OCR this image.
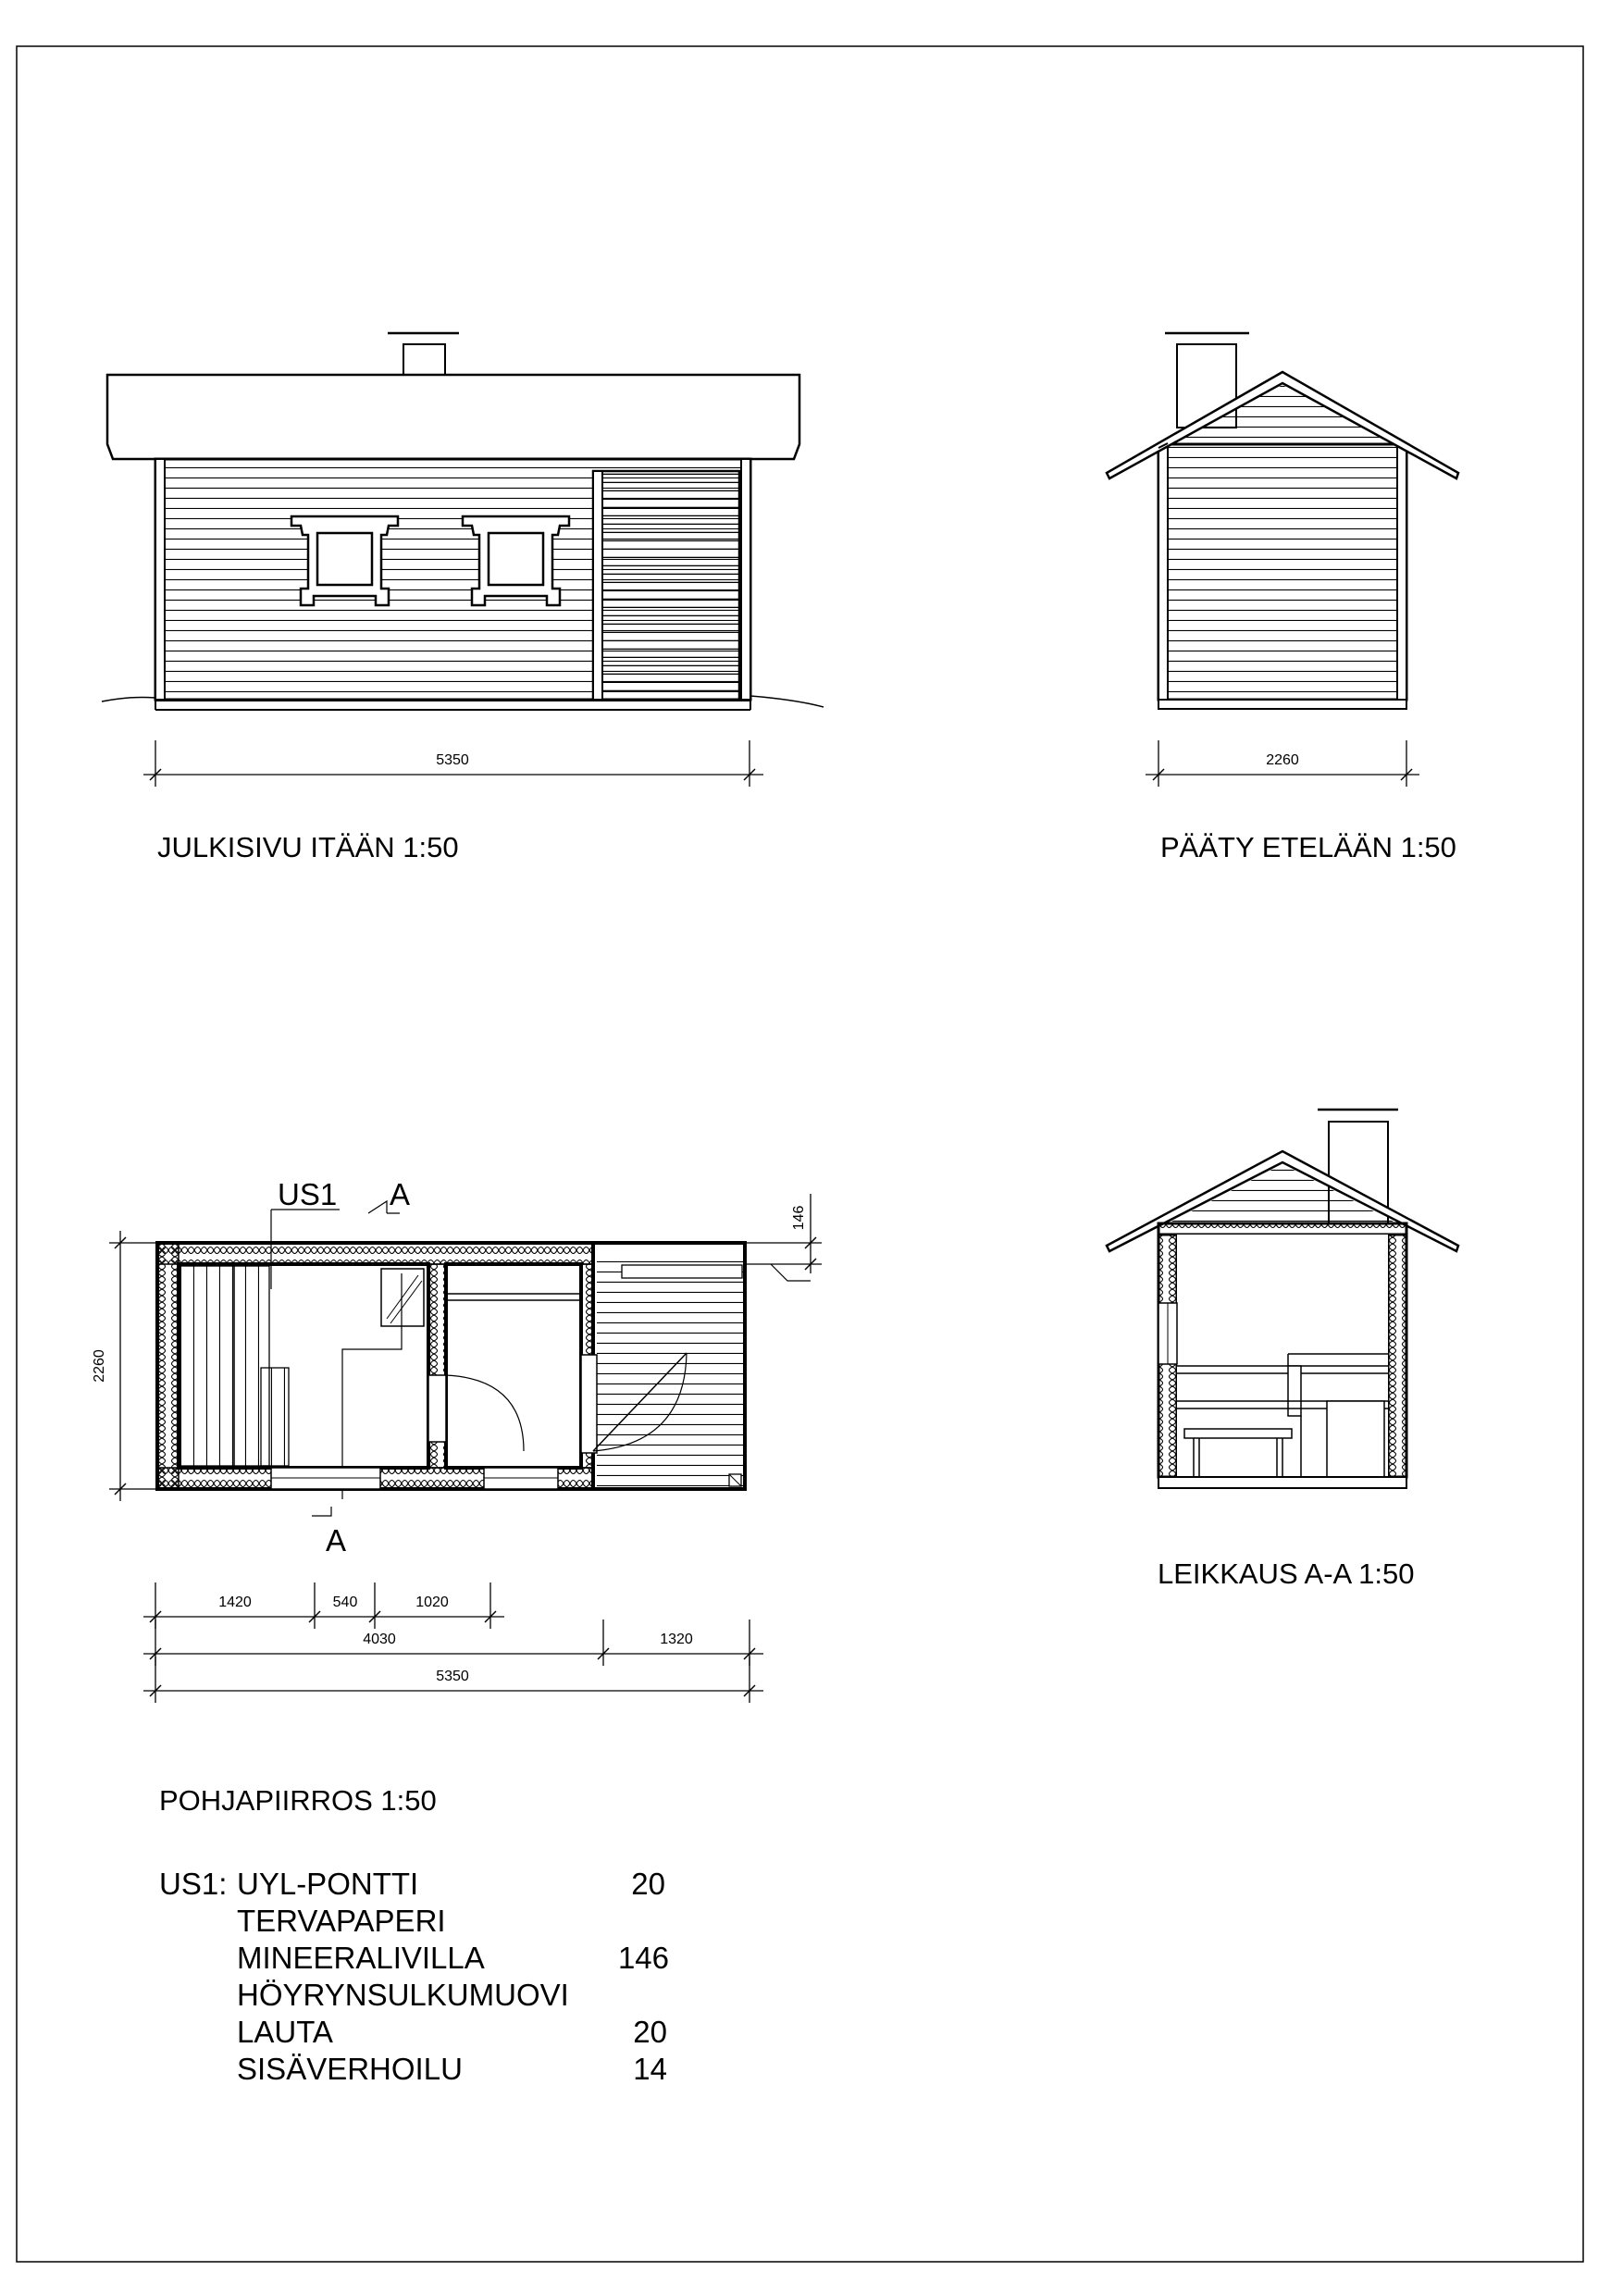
5350
JULKISIVU ITÄÄN 1:50
2260
PÄÄTY ETELÄÄN 1:50
US1 A
A
2260
146
1420	540	1020
4030	1320
5350
POHJAPIIRROS 1:50
LEIKKAUS A-A 1:50
US1: UYL-PONTTI	20
TERVAPAPERI
MINEERALIVILLA	146
HÖYRYNSULKUMUOVI
LAUTA	20
SISÄVERHOILU	14
